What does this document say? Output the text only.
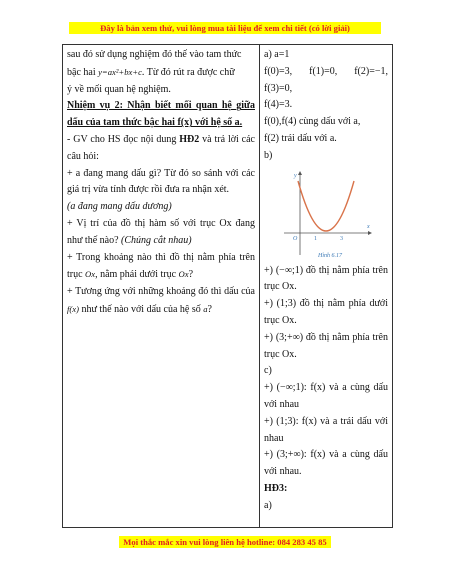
Đây là bản xem thử, vui lòng mua tài liệu để xem chi tiết (có lời giải)

sau đó sử dụng nghiệm đó thế vào tam thức

bậc hai y=ax²+bx+c. Từ đó rút ra được chữ

ý về mối quan hệ nghiệm.

Nhiệm vụ 2: Nhận biết mối quan hệ giữa dấu của tam thức bậc hai f(x) với hệ số a.

- GV cho HS đọc nội dung HĐ2 và trả lời các câu hỏi:

+ a đang mang dấu gì? Từ đó so sánh với các giá trị vừa tính được rồi đưa ra nhận xét.

(a đang mang dấu dương)

+ Vị trí của đồ thị hàm số với trục Ox đang như thế nào? (Chúng cắt nhau)

+ Trong khoảng nào thì đồ thị nằm phía trên trục Ox, nằm phái dưới trục Ox?

+ Tương ứng với những khoảng đó thì dấu của f(x) như thế nào với dấu của hệ số a?

a) a=1

f(0)=3, f(1)=0, f(2)=−1, f(3)=0,

f(4)=3.

f(0),f(4) cùng dấu với a,

f(2) trái dấu với a.

b)

y
x
O	1	3
Hình 6.17

+) (−∞;1) đồ thị nằm phía trên trục Ox.

+) (1;3) đồ thị nằm phía dưới trục Ox.

+) (3;+∞) đồ thị nằm phía trên trục Ox.

c)

+) (−∞;1): f(x) và a cùng dấu với nhau

+) (1;3): f(x) và a trái dấu với nhau

+) (3;+∞): f(x) và a cùng dấu với nhau.

HĐ3:

a)

Mọi thắc mắc xin vui lòng liên hệ hotline: 084 283 45 85
